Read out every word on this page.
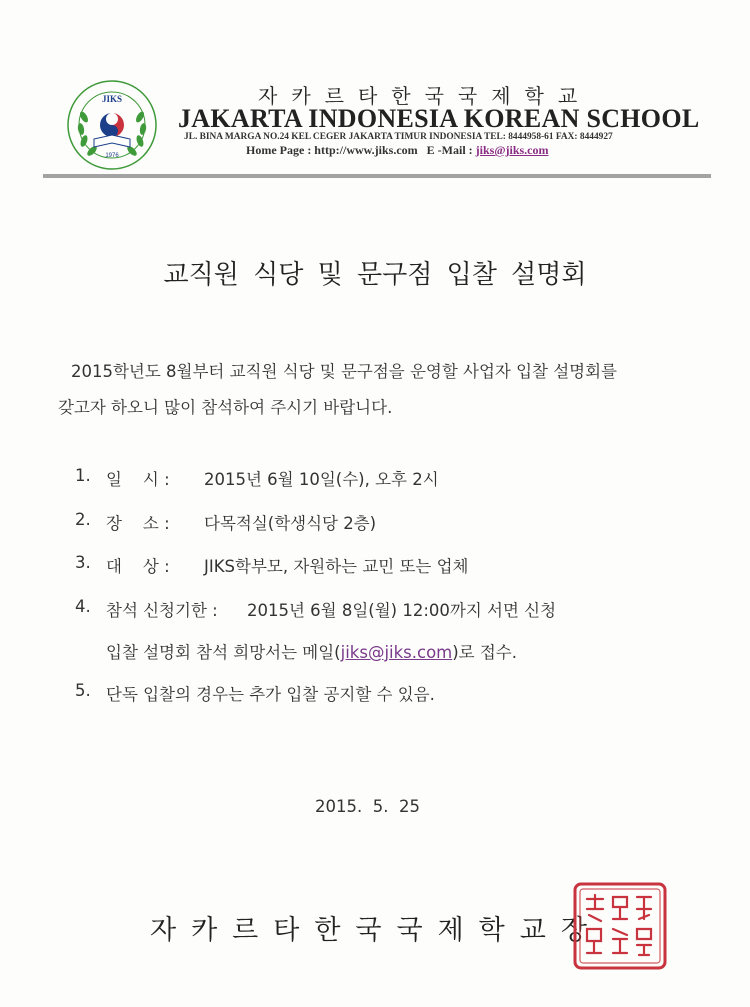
JIKS
1976
자카르타한국국제학교
JAKARTA INDONESIA KOREAN SCHOOL
JL. BINA MARGA NO.24 KEL CEGER JAKARTA TIMUR INDONESIA TEL: 8444958-61 FAX: 8444927
Home Page : http://www.jiks.com E -Mail : jiks@jiks.com
교직원 식당 및 문구점 입찰 설명회
2015학년도 8월부터 교직원 식당 및 문구점을 운영할 사업자 입찰 설명회를
갖고자 하오니 많이 참석하여 주시기 바랍니다.
1. 일    시 : 2015년 6월 10일(수), 오후 2시
2. 장    소 : 다목적실(학생식당 2층)
3. 대    상 : JIKS학부모, 자원하는 교민 또는 업체
4. 참석 신청기한 : 2015년 6월 8일(월) 12:00까지 서면 신청
입찰 설명회 참석 희망서는 메일(jiks@jiks.com)로 접수.
5. 단독 입찰의 경우는 추가 입찰 공지할 수 있음.
2015.  5.  25
자카르타한국국제학교장
